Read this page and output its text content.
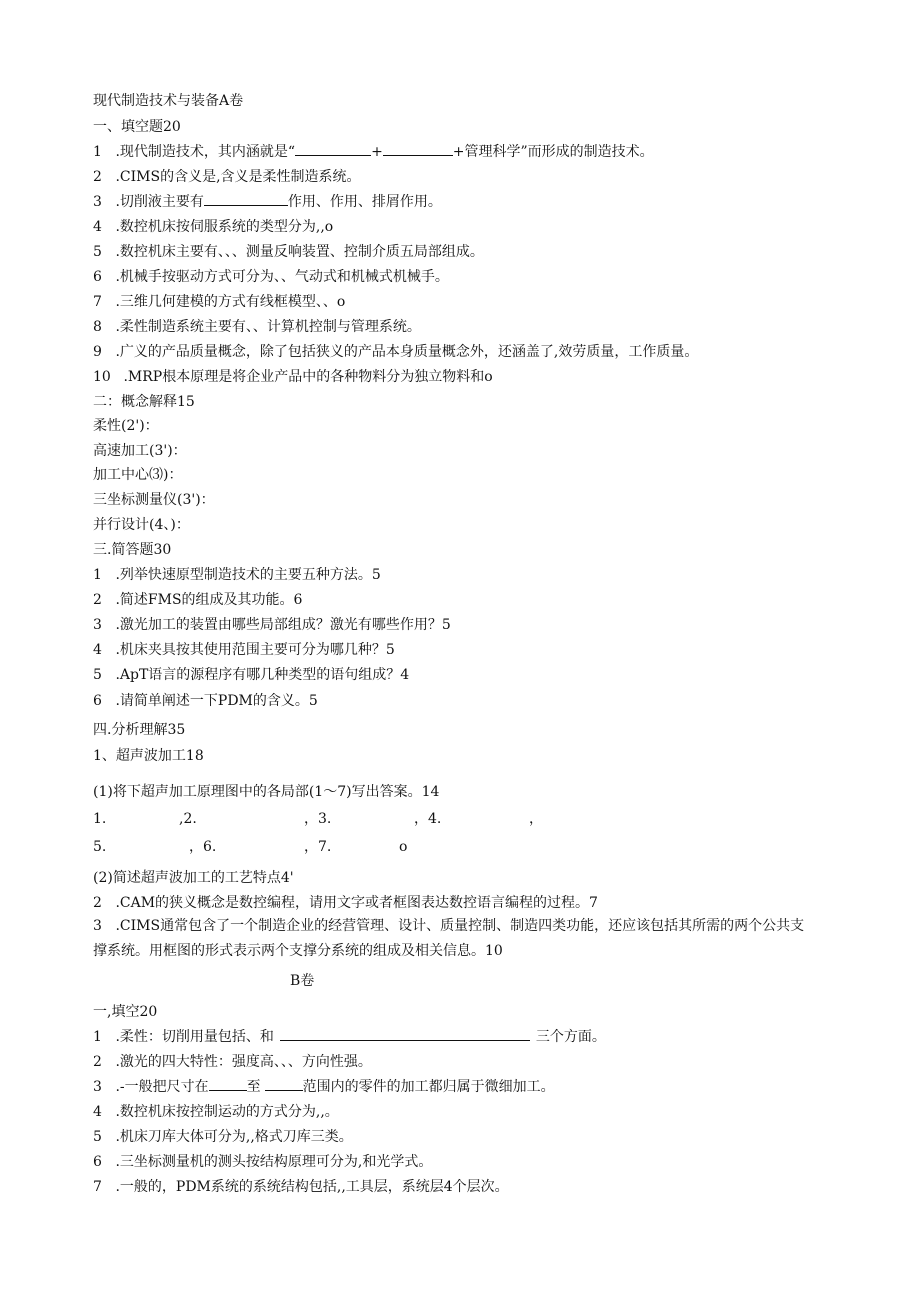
现代制造技术与装备A卷
一、填空题20
1 .现代制造技术，其内涵就是“	+	+管理科学”而形成的制造技术。
2 .CIMS的含义是,含义是柔性制造系统。
3 .切削液主要有	作用、作用、排屑作用。
4 .数控机床按伺服系统的类型分为,,o
5 .数控机床主要有、、、测量反响装置、控制介质五局部组成。
6 .机械手按驱动方式可分为、、气动式和机械式机械手。
7 .三维几何建模的方式有线框模型、、o
8 .柔性制造系统主要有、、计算机控制与管理系统。
9 .广义的产品质量概念，除了包括狭义的产品本身质量概念外，还涵盖了,效劳质量，工作质量。
10 .MRP根本原理是将企业产品中的各种物料分为独立物料和o
二：概念解释15
柔性(2')：
高速加工(3')：
加工中心⑶)：
三坐标测量仪(3')：
并行设计(4、)：
三.简答题30
1 .列举快速原型制造技术的主要五种方法。5
2 .简述FMS的组成及其功能。6
3 .激光加工的装置由哪些局部组成？激光有哪些作用？5
4 .机床夹具按其使用范围主要可分为哪几种？5
5 .ApT语言的源程序有哪几种类型的语句组成？4
6 .请简单阐述一下PDM的含义。5
四.分析理解35
1、超声波加工18
(1)将下超声加工原理图中的各局部(1〜7)写出答案。14
1.	,2.	，3.	，4.	，
5.	，6.	，7.	o
(2)简述超声波加工的工艺特点4'
2 .CAM的狭义概念是数控编程，请用文字或者框图表达数控语言编程的过程。7
3 .CIMS通常包含了一个制造企业的经营管理、设计、质量控制、制造四类功能，还应该包括其所需的两个公共支撑系统。用框图的形式表示两个支撑分系统的组成及相关信息。10
B卷
一,填空20
1 .柔性：切削用量包括、和	三个方面。
2 .激光的四大特性：强度高、、、方向性强。
3 .-一般把尺寸在	至	范围内的零件的加工都归属于微细加工。
4 .数控机床按控制运动的方式分为,,。
5 .机床刀库大体可分为,,格式刀库三类。
6 .三坐标测量机的测头按结构原理可分为,和光学式。
7 .一般的，PDM系统的系统结构包括,,工具层，系统层4个层次。
